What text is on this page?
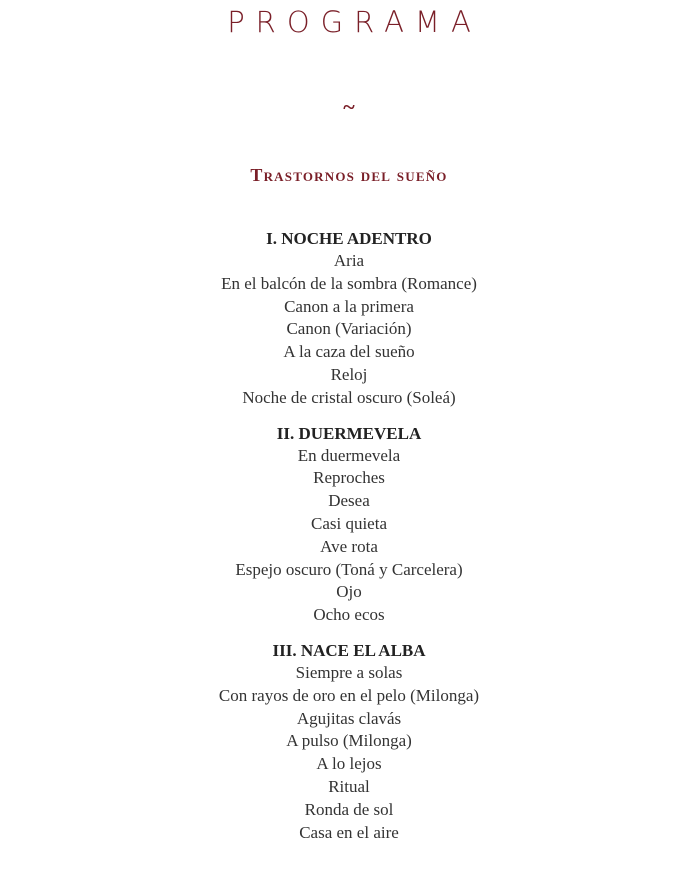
PROGRAMA
~
Trastornos del sueño
I. NOCHE ADENTRO
Aria
En el balcón de la sombra (Romance)
Canon a la primera
Canon (Variación)
A la caza del sueño
Reloj
Noche de cristal oscuro (Soleá)
II. DUERMEVELA
En duermevela
Reproches
Desea
Casi quieta
Ave rota
Espejo oscuro (Toná y Carcelera)
Ojo
Ocho ecos
III. NACE EL ALBA
Siempre a solas
Con rayos de oro en el pelo (Milonga)
Agujitas clavás
A pulso (Milonga)
A lo lejos
Ritual
Ronda de sol
Casa en el aire
